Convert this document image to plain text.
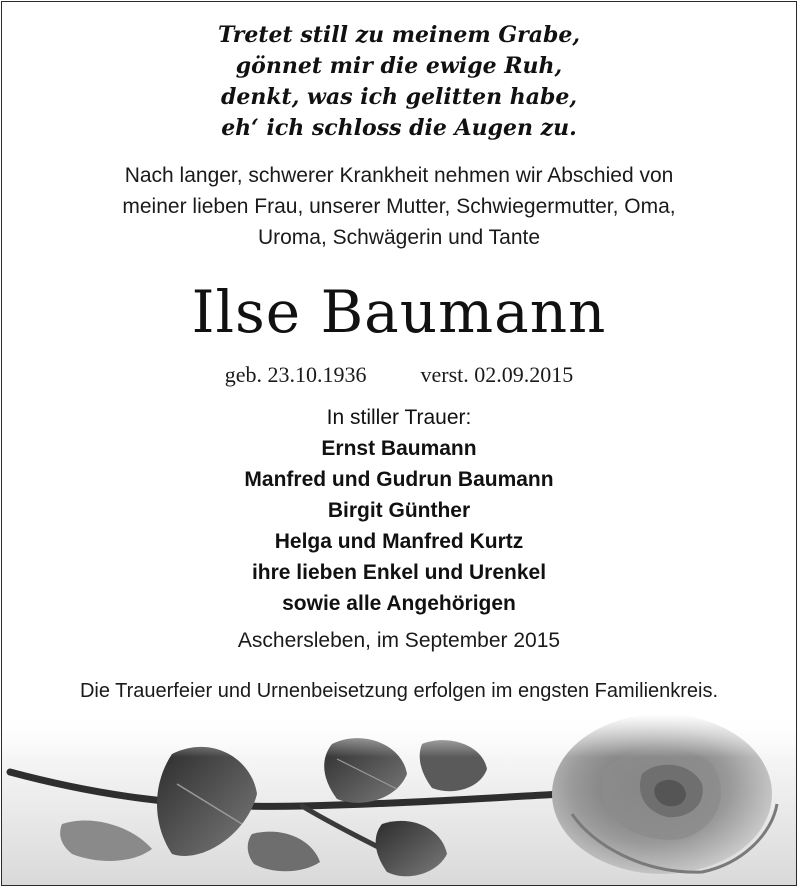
Tretet still zu meinem Grabe,
gönnet mir die ewige Ruh,
denkt, was ich gelitten habe,
eh‘ ich schloss die Augen zu.
Nach langer, schwerer Krankheit nehmen wir Abschied von
meiner lieben Frau, unserer Mutter, Schwiegermutter, Oma,
Uroma, Schwägerin und Tante
Ilse Baumann
geb. 23.10.1936 verst. 02.09.2015
In stiller Trauer:
Ernst Baumann
Manfred und Gudrun Baumann
Birgit Günther
Helga und Manfred Kurtz
ihre lieben Enkel und Urenkel
sowie alle Angehörigen
Aschersleben, im September 2015
Die Trauerfeier und Urnenbeisetzung erfolgen im engsten Familienkreis.
